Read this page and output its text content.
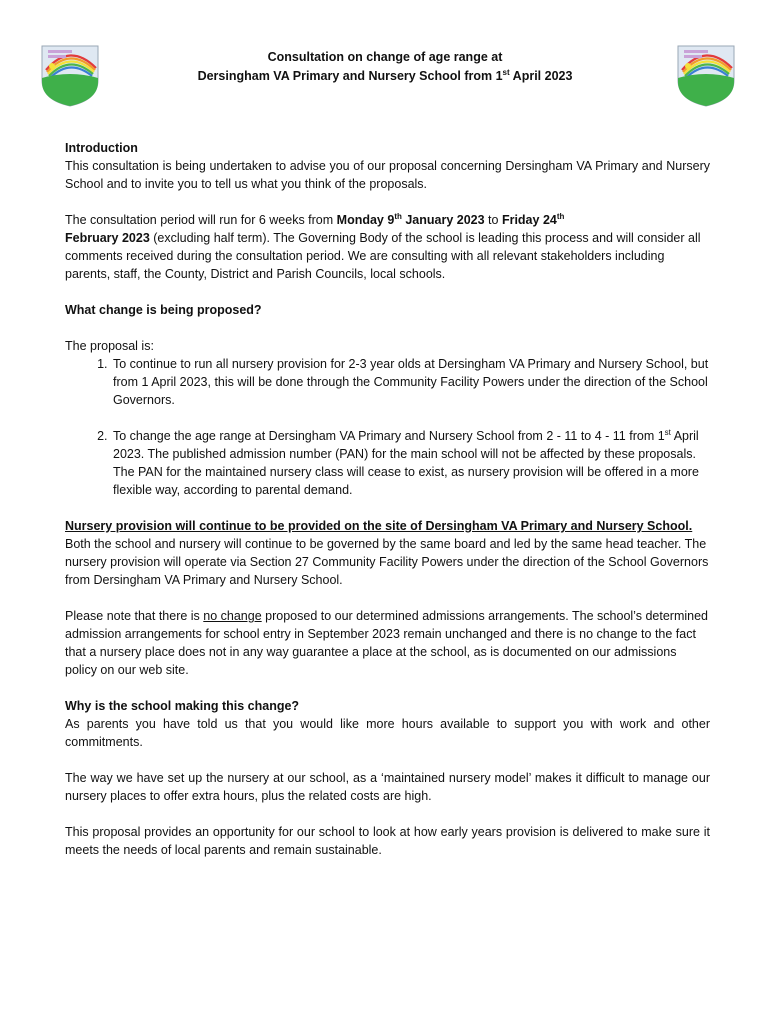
Consultation on change of age range at
Dersingham VA Primary and Nursery School from 1st April 2023

Introduction

This consultation is being undertaken to advise you of our proposal concerning Dersingham VA Primary and Nursery School and to invite you to tell us what you think of the proposals.

The consultation period will run for 6 weeks from Monday 9th January 2023 to Friday 24th
February 2023 (excluding half term). The Governing Body of the school is leading this process and will consider all comments received during the consultation period. We are consulting with all relevant stakeholders including parents, staff, the County, District and Parish Councils, local schools.

What change is being proposed?

The proposal is:

1. To continue to run all nursery provision for 2-3 year olds at Dersingham VA Primary and Nursery School, but from 1 April 2023, this will be done through the Community Facility Powers under the direction of the School Governors.
2. To change the age range at Dersingham VA Primary and Nursery School from 2 - 11 to 4 - 11 from 1st April 2023. The published admission number (PAN) for the main school will not be affected by these proposals. The PAN for the maintained nursery class will cease to exist, as nursery provision will be offered in a more flexible way, according to parental demand.

Nursery provision will continue to be provided on the site of Dersingham VA Primary and Nursery School. Both the school and nursery will continue to be governed by the same board and led by the same head teacher. The nursery provision will operate via Section 27 Community Facility Powers under the direction of the School Governors from Dersingham VA Primary and Nursery School.

Please note that there is no change proposed to our determined admissions arrangements. The school’s determined admission arrangements for school entry in September 2023 remain unchanged and there is no change to the fact that a nursery place does not in any way guarantee a place at the school, as is documented on our admissions policy on our web site.

Why is the school making this change?

As parents you have told us that you would like more hours available to support you with work and other commitments.

The way we have set up the nursery at our school, as a ‘maintained nursery model’ makes it difficult to manage our nursery places to offer extra hours, plus the related costs are high.

This proposal provides an opportunity for our school to look at how early years provision is delivered to make sure it meets the needs of local parents and remain sustainable.
